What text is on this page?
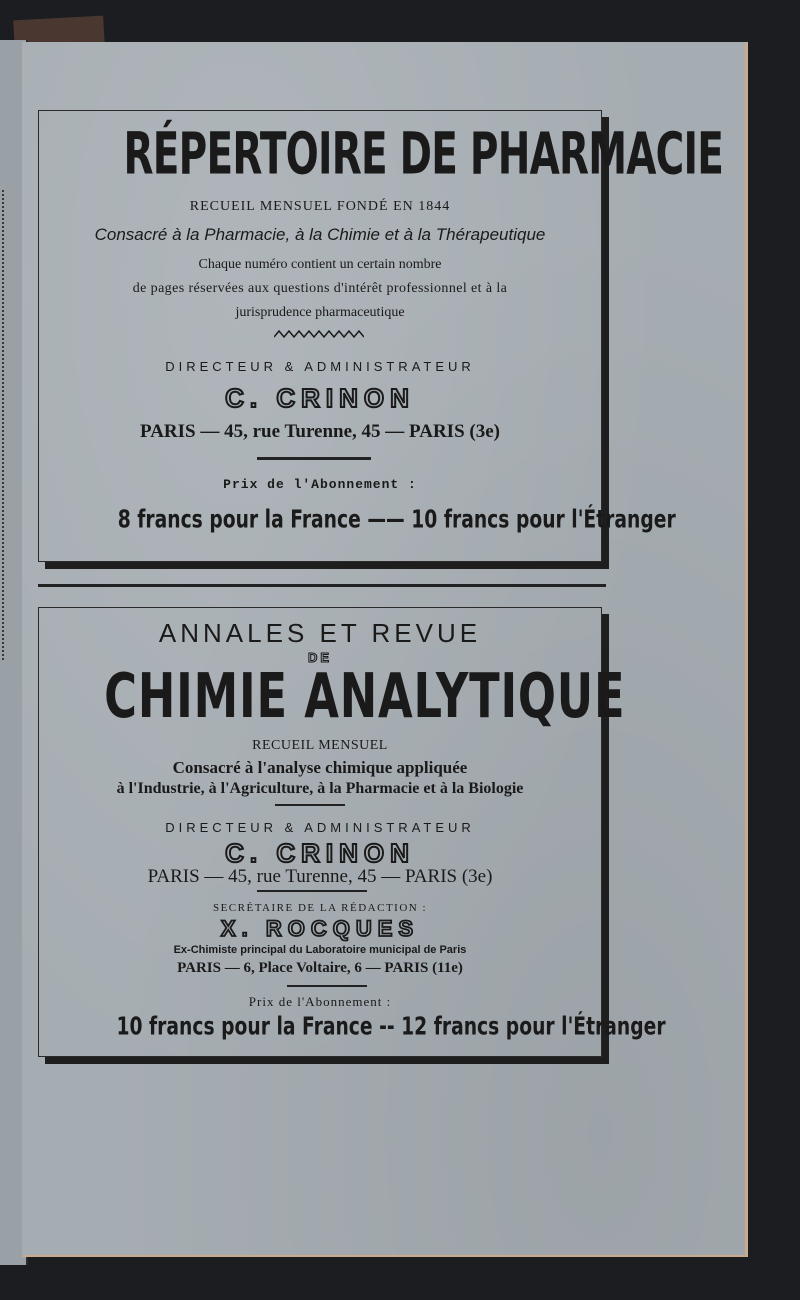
RÉPERTOIRE DE PHARMACIE
RECUEIL MENSUEL FONDÉ EN 1844
Consacré à la Pharmacie, à la Chimie et à la Thérapeutique
Chaque numéro contient un certain nombre
de pages réservées aux questions d'intérêt professionnel et à la
jurisprudence pharmaceutique
DIRECTEUR & ADMINISTRATEUR
C. CRINON
PARIS — 45, rue Turenne, 45 — PARIS (3e)
Prix de l'Abonnement :
8 francs pour la France —— 10 francs pour l'Étranger
ANNALES ET REVUE
DE
CHIMIE ANALYTIQUE
RECUEIL MENSUEL
Consacré à l'analyse chimique appliquée
à l'Industrie, à l'Agriculture, à la Pharmacie et à la Biologie
DIRECTEUR & ADMINISTRATEUR
C. CRINON
PARIS — 45, rue Turenne, 45 — PARIS (3e)
SECRÉTAIRE DE LA RÉDACTION :
X. ROCQUES
Ex-Chimiste principal du Laboratoire municipal de Paris
PARIS — 6, Place Voltaire, 6 — PARIS (11e)
Prix de l'Abonnement :
10 francs pour la France -- 12 francs pour l'Étranger
